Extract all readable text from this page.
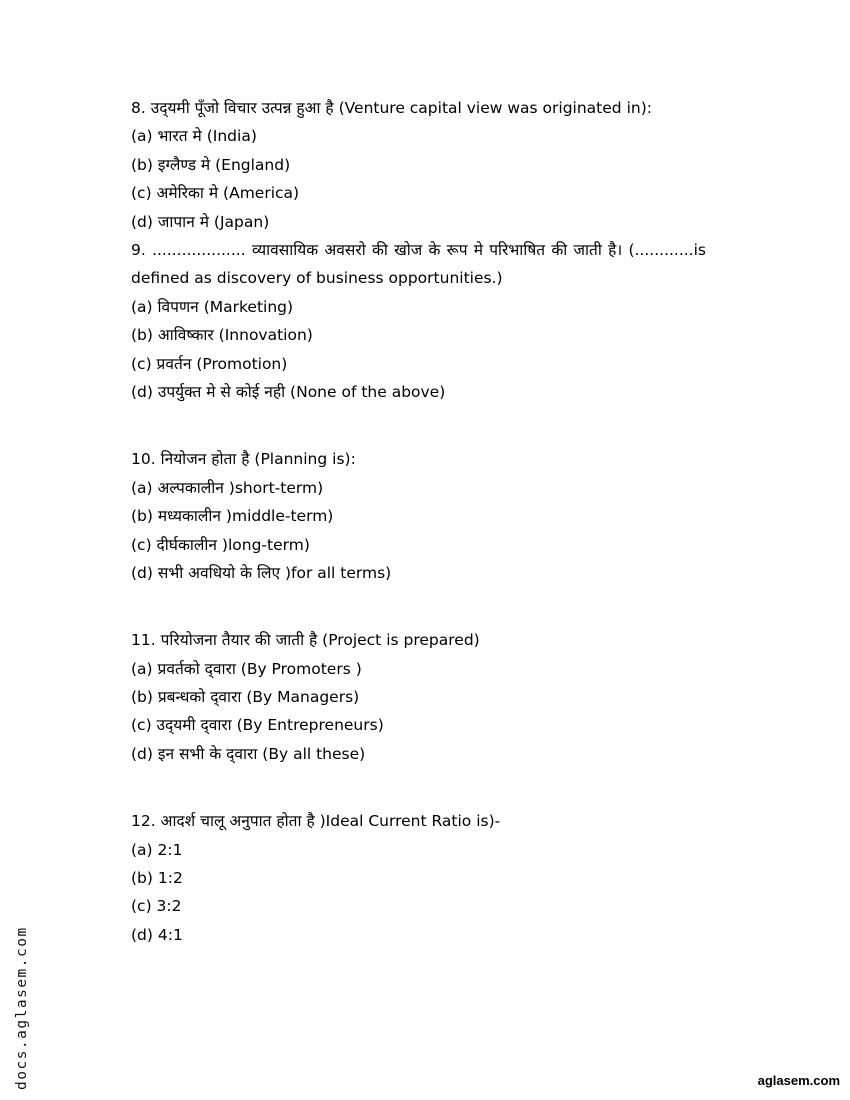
8. उद्‌यमी पूँजो विचार उत्पन्न हुआ है (Venture capital view was originated in):
(a) भारत मे (India)
(b) इग्लैण्ड मे (England)
(c) अमेरिका मे (America)
(d) जापान मे (Japan)
9. ................... व्यावसायिक अवसरो की खोज के रूप मे परिभाषित की जाती है। (............is defined as discovery of business opportunities.)
(a) विपणन (Marketing)
(b) आविष्कार (Innovation)
(c) प्रवर्तन (Promotion)
(d) उपर्युक्त मे से कोई नही (None of the above)
10. नियोजन होता है (Planning is):
(a) अल्पकालीन )short-term)
(b) मध्यकालीन )middle-term)
(c) दीर्घकालीन )long-term)
(d) सभी अवधियो के लिए )for all terms)
11. परियोजना तैयार की जाती है (Project is prepared)
(a) प्रवर्तको द्‌वारा (By Promoters )
(b) प्रबन्धको द्‌वारा (By Managers)
(c) उद्‌यमी द्‌वारा (By Entrepreneurs)
(d) इन सभी के द्‌वारा (By all these)
12. आदर्श चालू अनुपात होता है )Ideal Current Ratio is)-
(a) 2:1
(b) 1:2
(c) 3:2
(d) 4:1
docs.aglasem.com	aglasem.com
